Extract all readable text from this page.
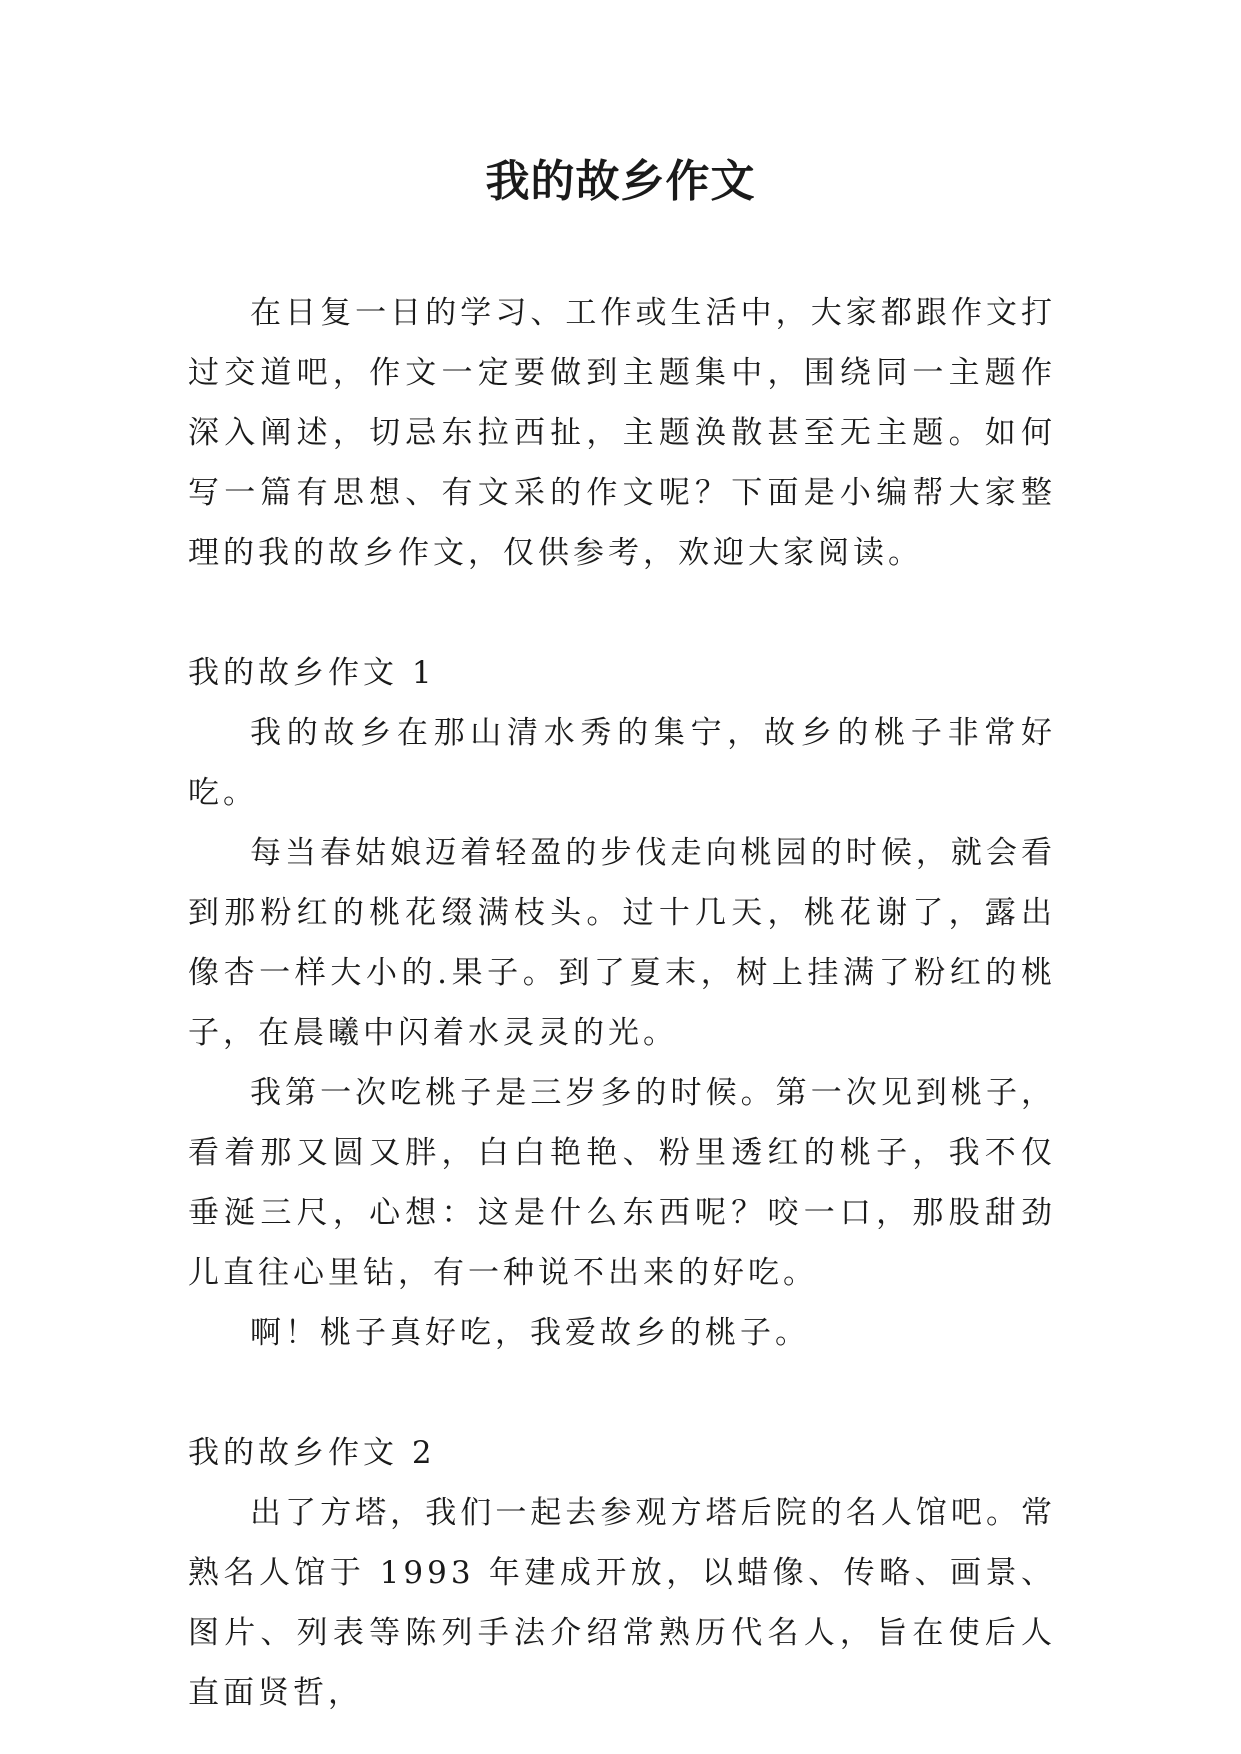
我的故乡作文

在日复一日的学习、工作或生活中，大家都跟作文打过交道吧，作文一定要做到主题集中，围绕同一主题作深入阐述，切忌东拉西扯，主题涣散甚至无主题。如何写一篇有思想、有文采的作文呢？下面是小编帮大家整理的我的故乡作文，仅供参考，欢迎大家阅读。

我的故乡作文 1

我的故乡在那山清水秀的集宁，故乡的桃子非常好吃。

每当春姑娘迈着轻盈的步伐走向桃园的时候，就会看到那粉红的桃花缀满枝头。过十几天，桃花谢了，露出像杏一样大小的.果子。到了夏末，树上挂满了粉红的桃子，在晨曦中闪着水灵灵的光。

我第一次吃桃子是三岁多的时候。第一次见到桃子，看着那又圆又胖，白白艳艳、粉里透红的桃子，我不仅垂涎三尺，心想：这是什么东西呢？咬一口，那股甜劲儿直往心里钻，有一种说不出来的好吃。

啊！桃子真好吃，我爱故乡的桃子。

我的故乡作文 2

出了方塔，我们一起去参观方塔后院的名人馆吧。常熟名人馆于 1993 年建成开放，以蜡像、传略、画景、图片、列表等陈列手法介绍常熟历代名人，旨在使后人直面贤哲，
